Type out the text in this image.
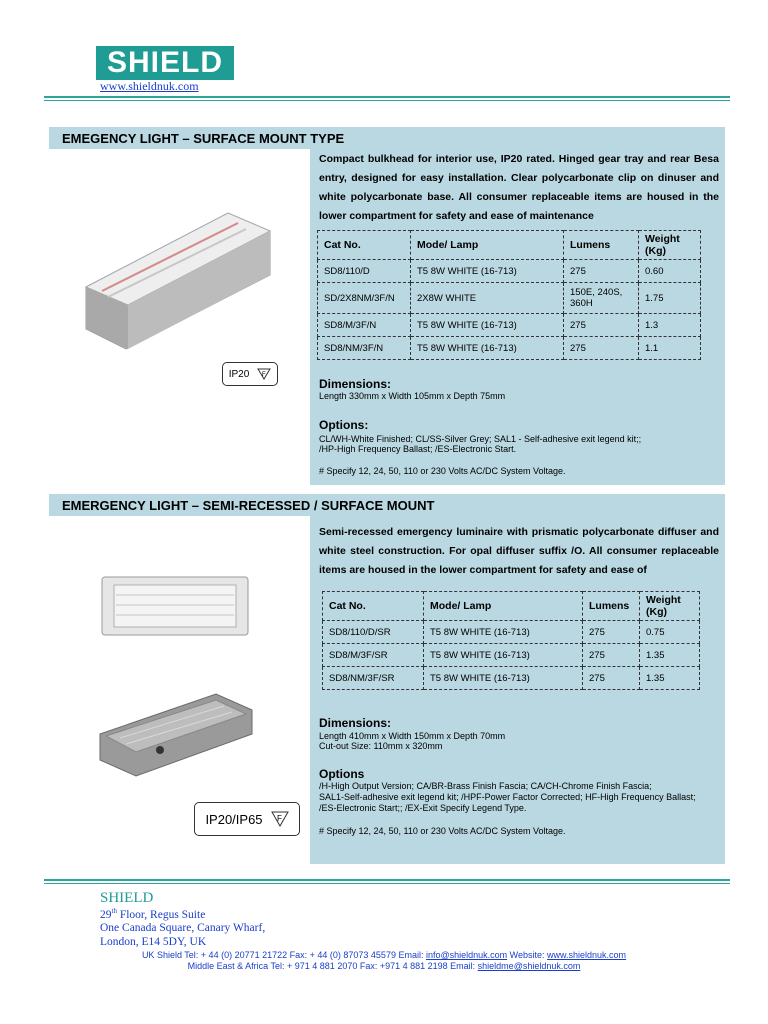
SHIELD
www.shieldnuk.com
EMEGENCY LIGHT – SURFACE MOUNT TYPE
IP20 F
Compact bulkhead for interior use, IP20 rated. Hinged gear tray and rear Besa entry, designed for easy installation. Clear polycarbonate clip on dinuser and white polycarbonate base. All consumer replaceable items are housed in the lower compartment for safety and ease of maintenance
Cat No.	Mode/ Lamp	Lumens	Weight (Kg)
SD8/110/D	T5 8W WHITE (16-713)	275	0.60
SD/2X8NM/3F/N	2X8W WHITE	150E, 240S, 360H	1.75
SD8/M/3F/N	T5 8W WHITE (16-713)	275	1.3
SD8/NM/3F/N	T5 8W WHITE (16-713)	275	1.1
Dimensions:
Length 330mm x Width 105mm x Depth 75mm
Options:
CL/WH-White Finished; CL/SS-Silver Grey; SAL1 - Self-adhesive exit legend kit;;
/HP-High Frequency Ballast; /ES-Electronic Start.
# Specify 12, 24, 50, 110 or 230 Volts AC/DC System Voltage.
EMERGENCY LIGHT – SEMI-RECESSED / SURFACE MOUNT
IP20/IP65 F
Semi-recessed emergency luminaire with prismatic polycarbonate diffuser and white steel construction. For opal diffuser suffix /O. All consumer replaceable items are housed in the lower compartment for safety and ease of
Cat No.	Mode/ Lamp	Lumens	Weight (Kg)
SD8/110/D/SR	T5 8W WHITE (16-713)	275	0.75
SD8/M/3F/SR	T5 8W WHITE (16-713)	275	1.35
SD8/NM/3F/SR	T5 8W WHITE (16-713)	275	1.35
Dimensions:
Length 410mm x Width 150mm x Depth 70mm
Cut-out Size: 110mm x 320mm
Options
/H-High Output Version; CA/BR-Brass Finish Fascia; CA/CH-Chrome Finish Fascia;
SAL1-Self-adhesive exit legend kit; /HPF-Power Factor Corrected; HF-High Frequency Ballast;
/ES-Electronic Start;; /EX-Exit Specify Legend Type.
# Specify 12, 24, 50, 110 or 230 Volts AC/DC System Voltage.
SHIELD
29th Floor, Regus Suite
One Canada Square, Canary Wharf,
London, E14 5DY, UK
UK Shield Tel: + 44 (0) 20771 21722 Fax: + 44 (0) 87073 45579 Email: info@shieldnuk.com Website: www.shieldnuk.com
Middle East & Africa Tel: + 971 4 881 2070 Fax: +971 4 881 2198 Email: shieldme@shieldnuk.com
